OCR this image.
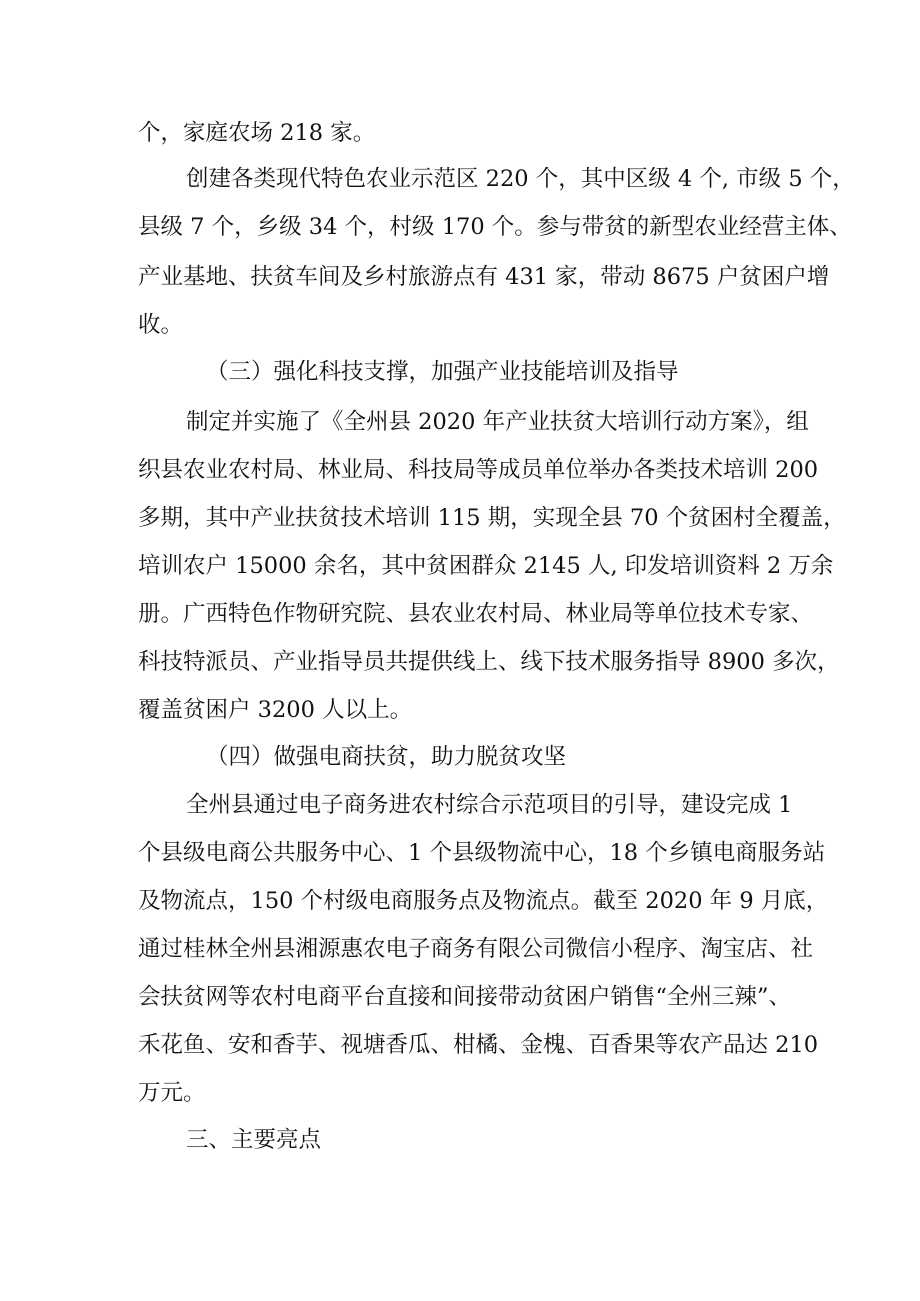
个，家庭农场 218 家。
创建各类现代特色农业示范区 220 个，其中区级 4 个, 市级 5 个，
县级 7 个，乡级 34 个，村级 170 个。参与带贫的新型农业经营主体、
产业基地、扶贫车间及乡村旅游点有 431 家，带动 8675 户贫困户增
收。
（三）强化科技支撑，加强产业技能培训及指导
制定并实施了《全州县 2020 年产业扶贫大培训行动方案》，组
织县农业农村局、林业局、科技局等成员单位举办各类技术培训 200
多期，其中产业扶贫技术培训 115 期，实现全县 70 个贫困村全覆盖，
培训农户 15000 余名，其中贫困群众 2145 人, 印发培训资料 2 万余
册。广西特色作物研究院、县农业农村局、林业局等单位技术专家、
科技特派员、产业指导员共提供线上、线下技术服务指导 8900 多次，
覆盖贫困户 3200 人以上。
（四）做强电商扶贫，助力脱贫攻坚
全州县通过电子商务进农村综合示范项目的引导，建设完成 1
个县级电商公共服务中心、1 个县级物流中心，18 个乡镇电商服务站
及物流点，150 个村级电商服务点及物流点。截至 2020 年 9 月底，
通过桂林全州县湘源惠农电子商务有限公司微信小程序、淘宝店、社
会扶贫网等农村电商平台直接和间接带动贫困户销售“全州三辣”、
禾花鱼、安和香芋、视塘香瓜、柑橘、金槐、百香果等农产品达 210
万元。
三、主要亮点
